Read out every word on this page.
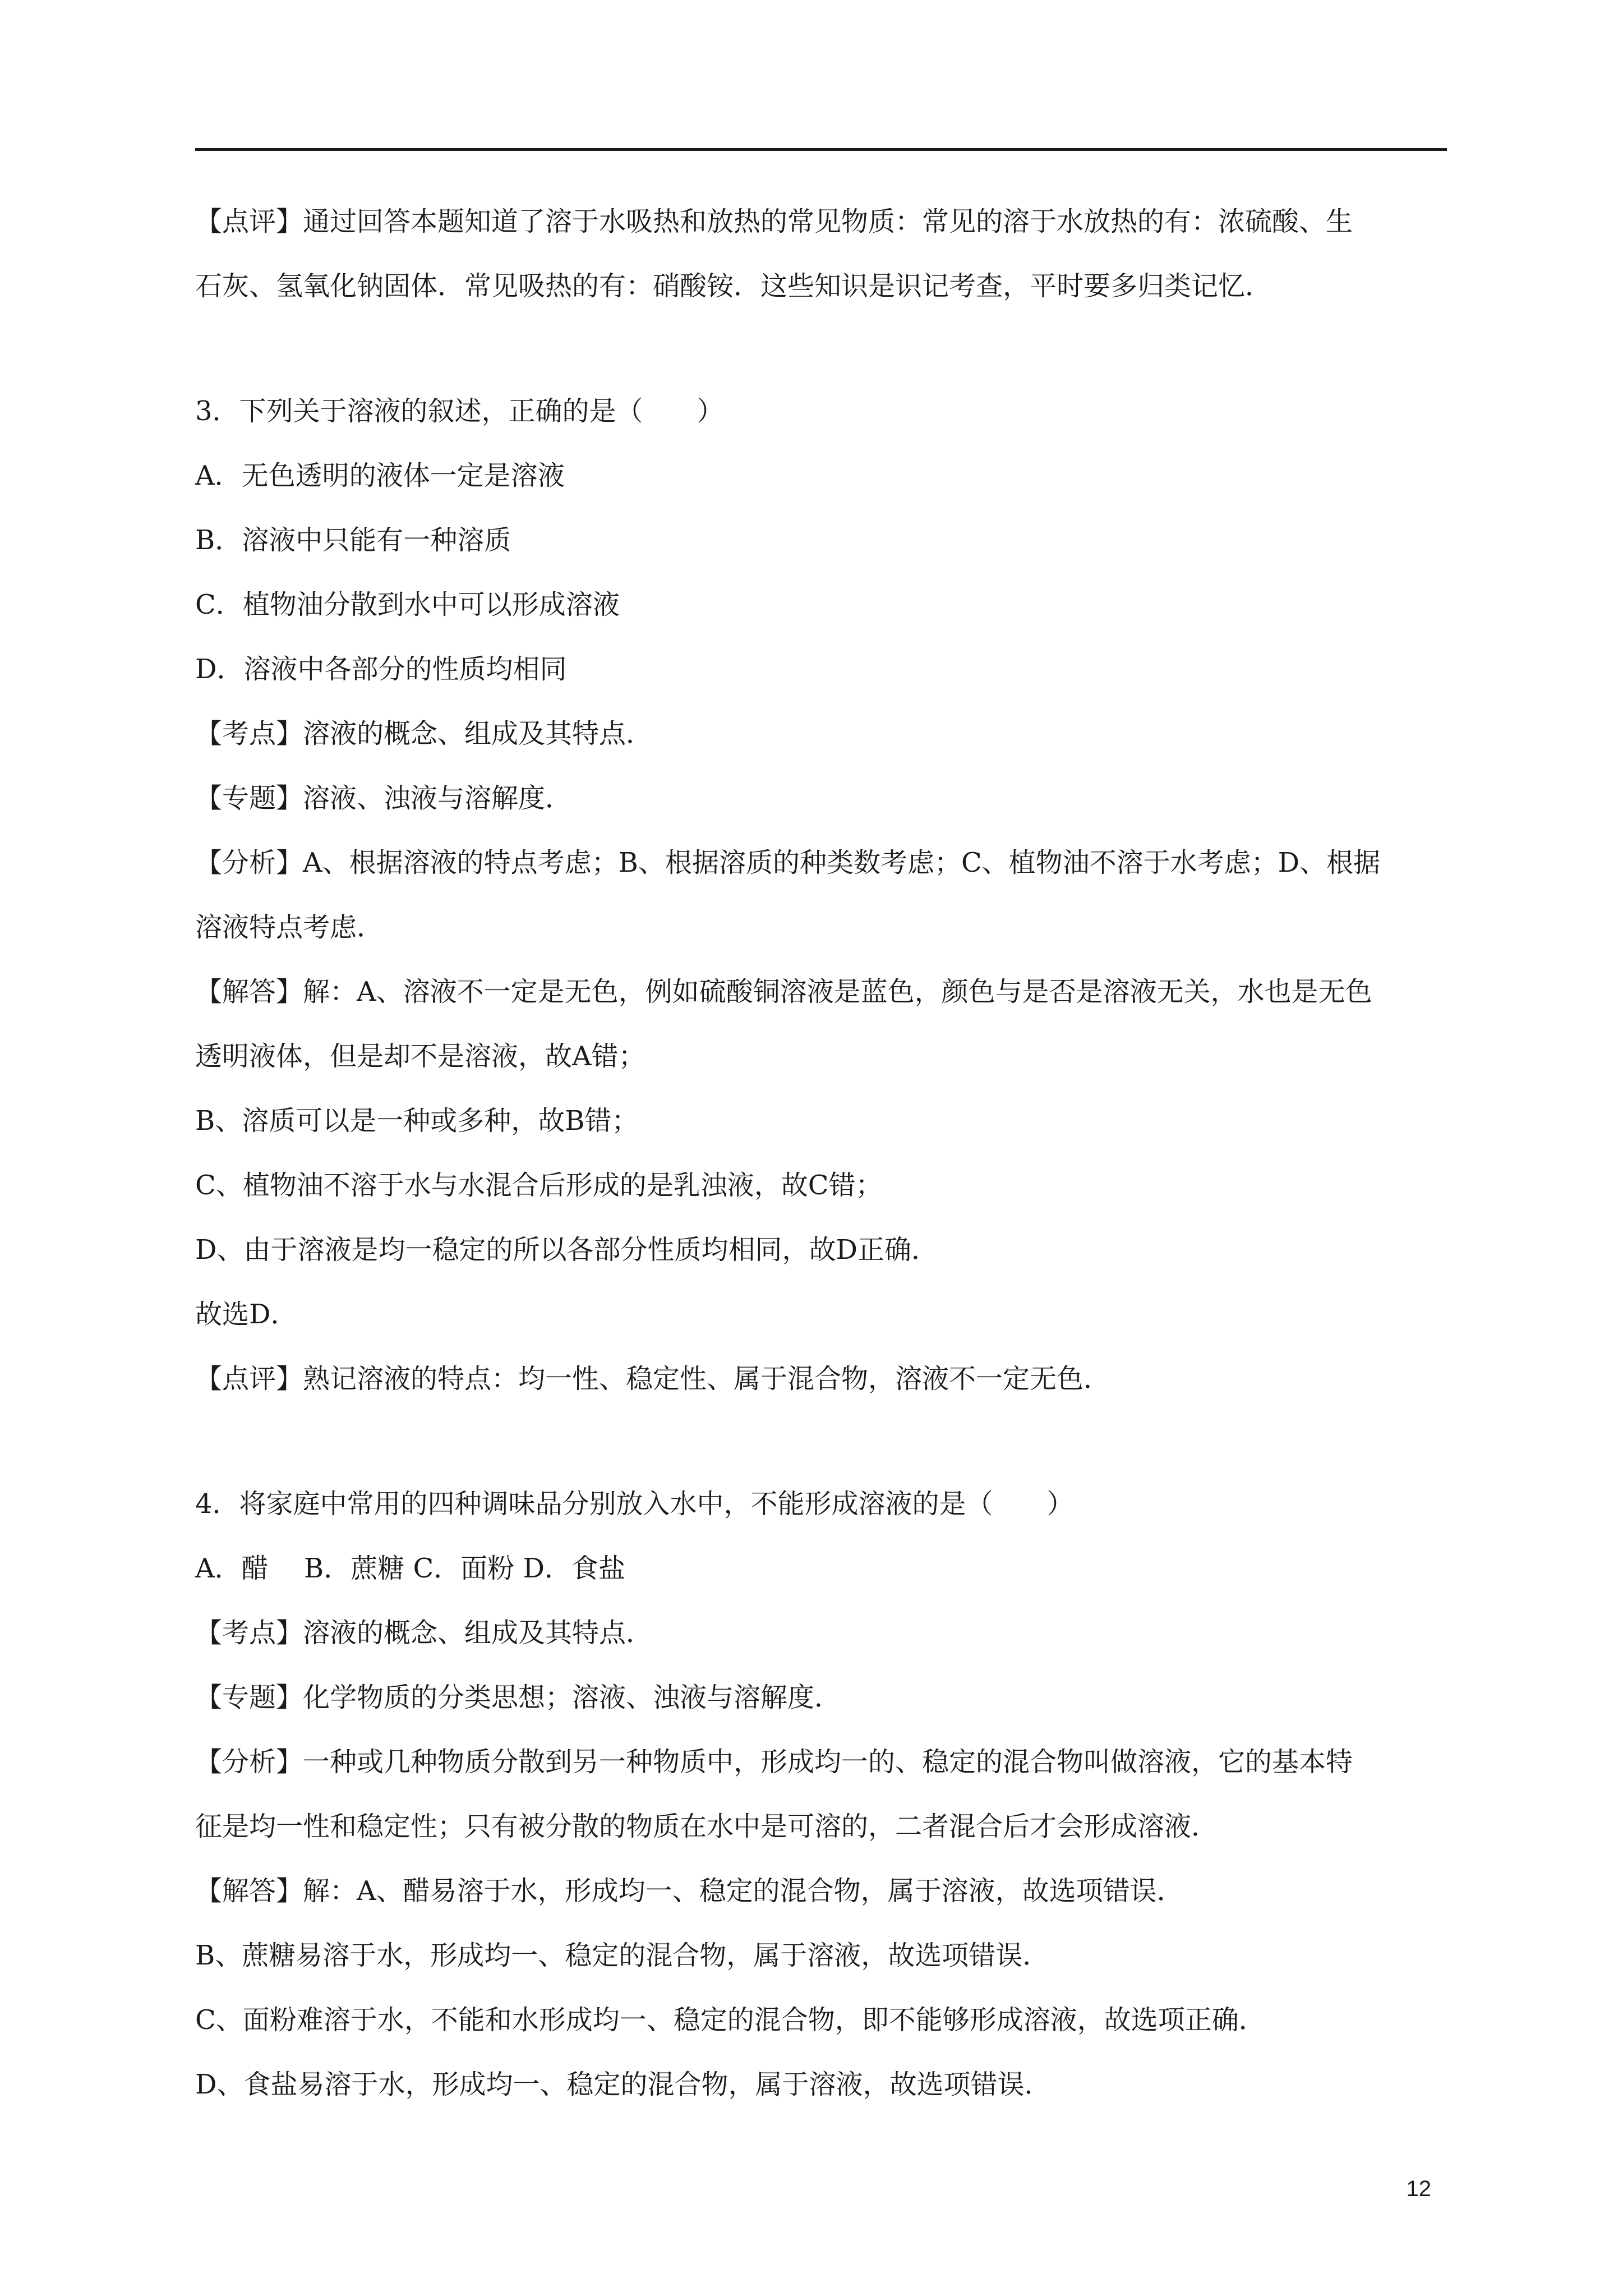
【点评】通过回答本题知道了溶于水吸热和放热的常见物质：常见的溶于水放热的有：浓硫酸、生
石灰、氢氧化钠固体．常见吸热的有：硝酸铵．这些知识是识记考查，平时要多归类记忆．
3．下列关于溶液的叙述，正确的是（　　）
A．无色透明的液体一定是溶液
B．溶液中只能有一种溶质
C．植物油分散到水中可以形成溶液
D．溶液中各部分的性质均相同
【考点】溶液的概念、组成及其特点．
【专题】溶液、浊液与溶解度．
【分析】A、根据溶液的特点考虑；B、根据溶质的种类数考虑；C、植物油不溶于水考虑；D、根据
溶液特点考虑．
【解答】解：A、溶液不一定是无色，例如硫酸铜溶液是蓝色，颜色与是否是溶液无关，水也是无色
透明液体，但是却不是溶液，故A错；
B、溶质可以是一种或多种，故B错；
C、植物油不溶于水与水混合后形成的是乳浊液，故C错；
D、由于溶液是均一稳定的所以各部分性质均相同，故D正确．
故选D．
【点评】熟记溶液的特点：均一性、稳定性、属于混合物，溶液不一定无色．
4．将家庭中常用的四种调味品分别放入水中，不能形成溶液的是（　　）
A．醋　 B．蔗糖 C．面粉 D．食盐
【考点】溶液的概念、组成及其特点．
【专题】化学物质的分类思想；溶液、浊液与溶解度．
【分析】一种或几种物质分散到另一种物质中，形成均一的、稳定的混合物叫做溶液，它的基本特
征是均一性和稳定性；只有被分散的物质在水中是可溶的，二者混合后才会形成溶液．
【解答】解：A、醋易溶于水，形成均一、稳定的混合物，属于溶液，故选项错误．
B、蔗糖易溶于水，形成均一、稳定的混合物，属于溶液，故选项错误．
C、面粉难溶于水，不能和水形成均一、稳定的混合物，即不能够形成溶液，故选项正确．
D、食盐易溶于水，形成均一、稳定的混合物，属于溶液，故选项错误．
12
